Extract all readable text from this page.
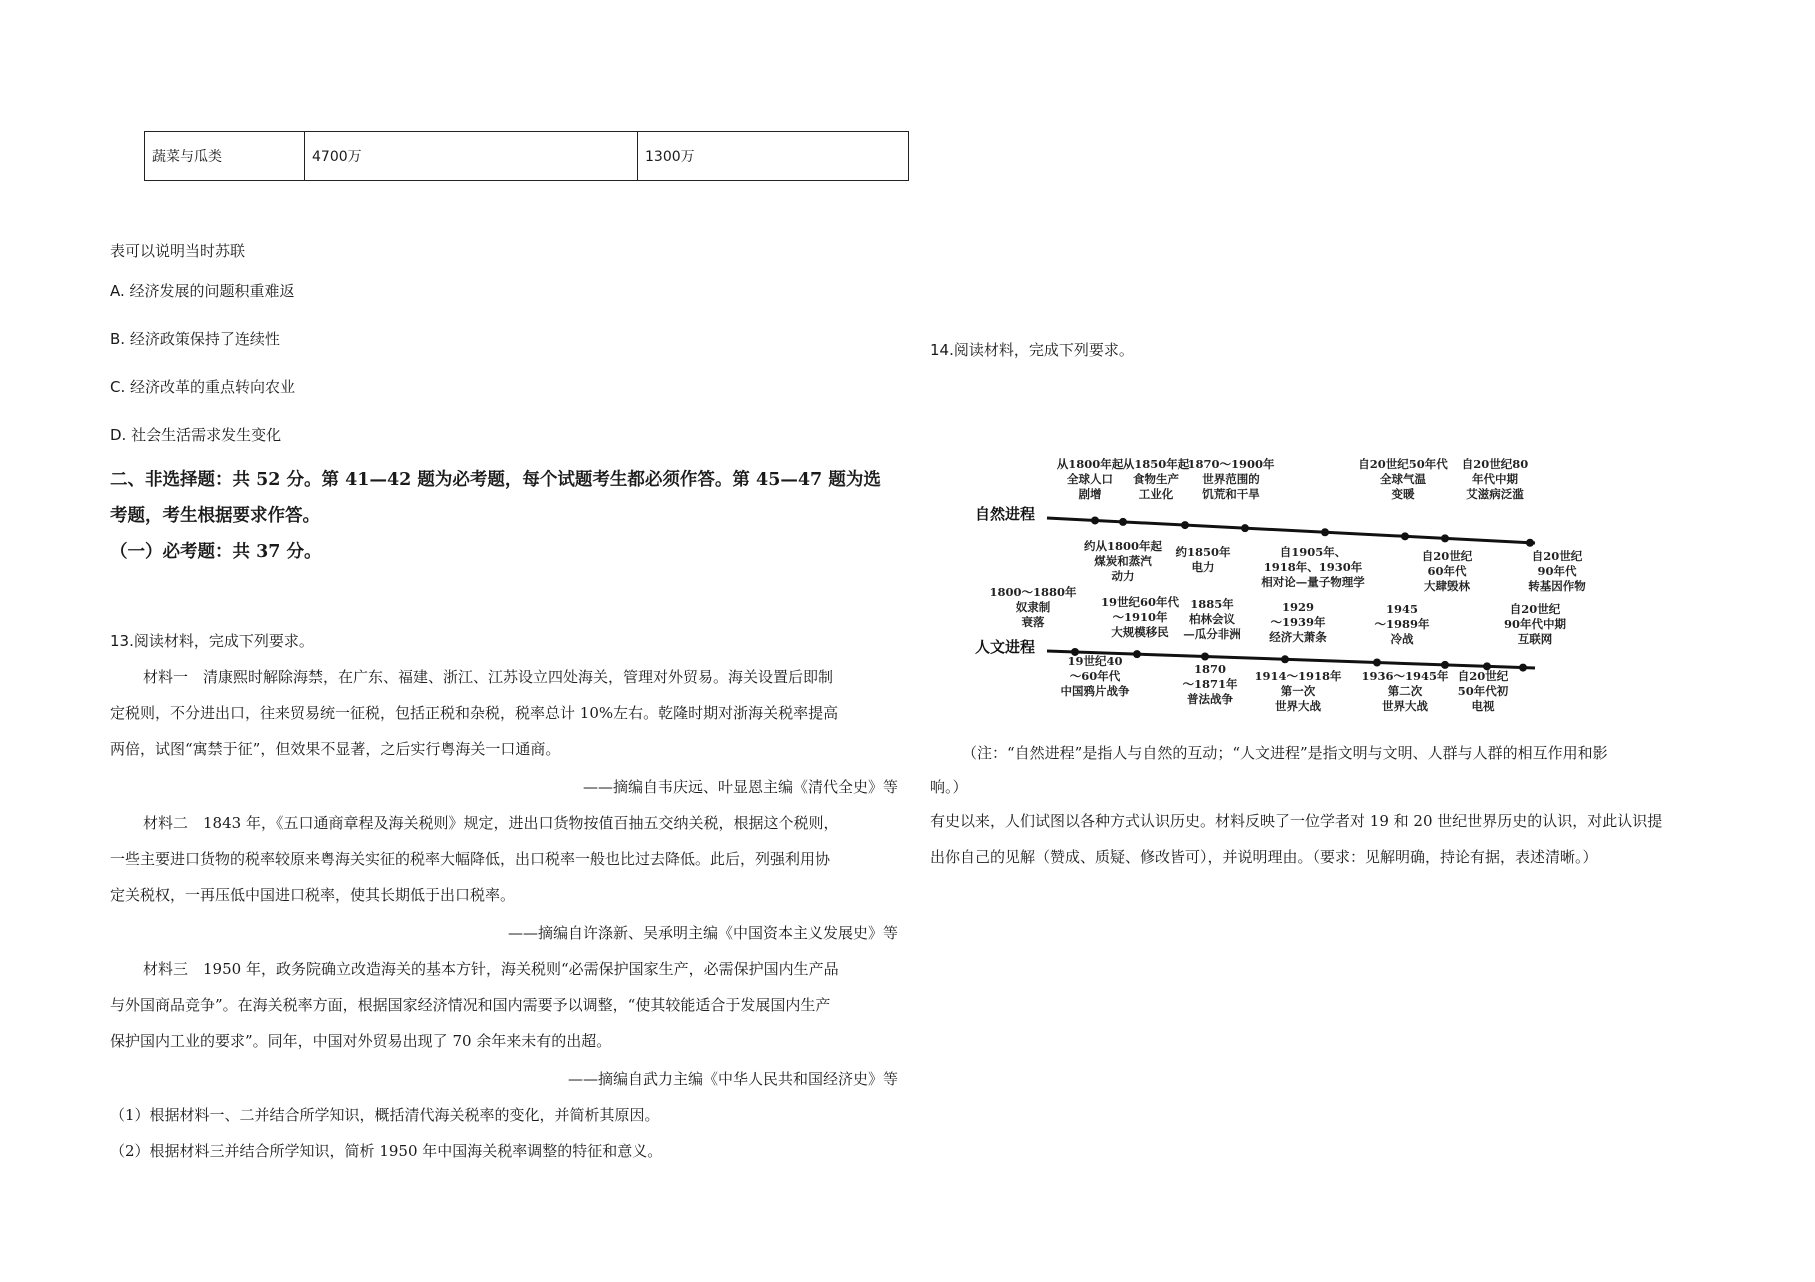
蔬菜与瓜类	4700万	1300万
表可以说明当时苏联
A. 经济发展的问题积重难返
B. 经济政策保持了连续性
C. 经济改革的重点转向农业
D. 社会生活需求发生变化
二、非选择题：共 52 分。第 41—42 题为必考题，每个试题考生都必须作答。第 45—47 题为选
考题，考生根据要求作答。
（一）必考题：共 37 分。
13.阅读材料，完成下列要求。
材料一　清康熙时解除海禁，在广东、福建、浙江、江苏设立四处海关，管理对外贸易。海关设置后即制
定税则，不分进出口，往来贸易统一征税，包括正税和杂税，税率总计 10%左右。乾隆时期对浙海关税率提高
两倍，试图“寓禁于征”，但效果不显著，之后实行粤海关一口通商。
——摘编自韦庆远、叶显恩主编《清代全史》等
材料二　1843 年，《五口通商章程及海关税则》规定，进出口货物按值百抽五交纳关税，根据这个税则，
一些主要进口货物的税率较原来粤海关实征的税率大幅降低，出口税率一般也比过去降低。此后，列强利用协
定关税权，一再压低中国进口税率，使其长期低于出口税率。
——摘编自许涤新、吴承明主编《中国资本主义发展史》等
材料三　1950 年，政务院确立改造海关的基本方针，海关税则“必需保护国家生产，必需保护国内生产品
与外国商品竞争”。在海关税率方面，根据国家经济情况和国内需要予以调整，“使其较能适合于发展国内生产
保护国内工业的要求”。同年，中国对外贸易出现了 70 余年来未有的出超。
——摘编自武力主编《中华人民共和国经济史》等
（1）根据材料一、二并结合所学知识，概括清代海关税率的变化，并简析其原因。
（2）根据材料三并结合所学知识，简析 1950 年中国海关税率调整的特征和意义。
14.阅读材料，完成下列要求。
自然进程
从1800年起全球人口剧增
从1850年起食物生产工业化
1870～1900年世界范围的饥荒和干旱
自20世纪50年代全球气温变暖
自20世纪80 年代中期艾滋病泛滥
约从1800年起煤炭和蒸汽动力
约1850年电力
自1905年、 1918年、1930年相对论—量子物理学
自20世纪 60年代大肆毁林
自20世纪 90年代转基因作物
人文进程
1800～1880年奴隶制衰落
19世纪60年代～1910年大规模移民
1885年柏林会议—瓜分非洲
1929 ～1939年经济大萧条
1945 ～1989年冷战
自20世纪 90年代中期互联网
19世纪40 ～60年代中国鸦片战争
1870 ～1871年普法战争
1914～1918年第一次世界大战
1936～1945年第二次世界大战
自20世纪 50年代初电视
（注：“自然进程”是指人与自然的互动；“人文进程”是指文明与文明、人群与人群的相互作用和影
响。）
有史以来，人们试图以各种方式认识历史。材料反映了一位学者对 19 和 20 世纪世界历史的认识，对此认识提
出你自己的见解（赞成、质疑、修改皆可），并说明理由。（要求：见解明确，持论有据，表述清晰。）
